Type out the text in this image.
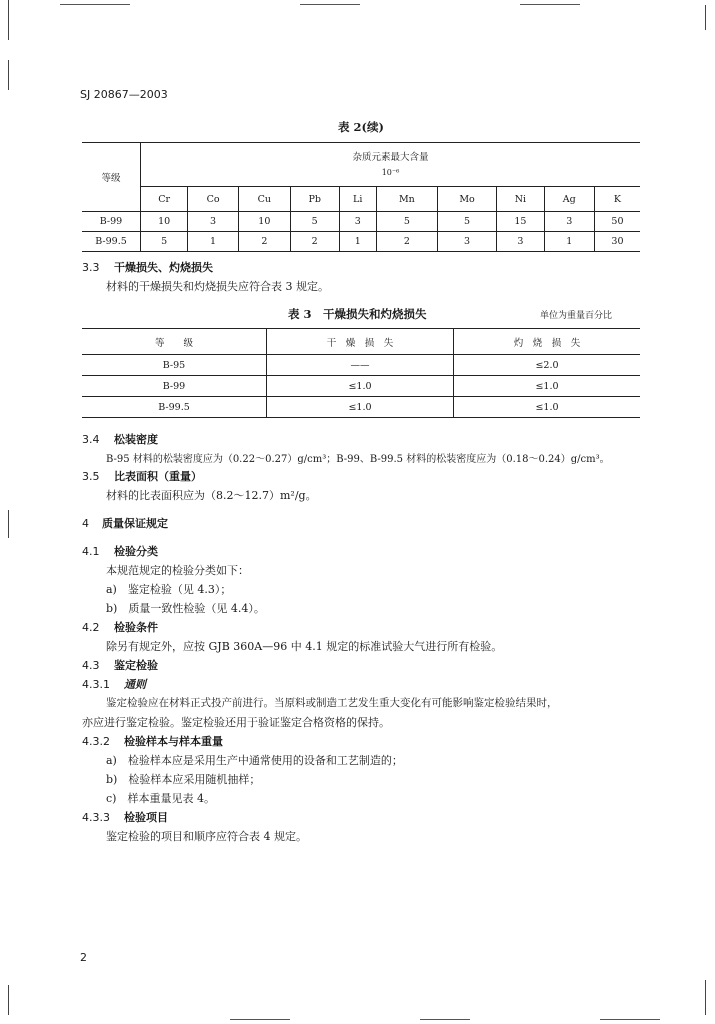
SJ 20867—2003
表 2(续)
等级	杂质元素最大含量
10⁻⁶									

	Cr	Co	Cu	Pb	Li	Mn	Mo	Ni	Ag	K
B-99	10	3	10	5	3	5	5	15	3	50
B-99.5	5	1	2	2	1	2	3	3	1	30
3.3 干燥损失、灼烧损失
材料的干燥损失和灼烧损失应符合表 3 规定。
表 3　干燥损失和灼烧损失	单位为重量百分比
等　　级	干　燥　损　失	灼　烧　损　失
B-95	——	≤2.0
B-99	≤1.0	≤1.0
B-99.5	≤1.0	≤1.0
3.4 松装密度
B-95 材料的松装密度应为（0.22～0.27）g/cm³；B-99、B-99.5 材料的松装密度应为（0.18～0.24）g/cm³。
3.5 比表面积（重量）
材料的比表面积应为（8.2～12.7）m²/g。
4 质量保证规定
4.1 检验分类
本规范规定的检验分类如下：
a)　鉴定检验（见 4.3）；
b)　质量一致性检验（见 4.4）。
4.2 检验条件
除另有规定外，应按 GJB 360A—96 中 4.1 规定的标准试验大气进行所有检验。
4.3 鉴定检验
4.3.1 通则
鉴定检验应在材料正式投产前进行。当原料或制造工艺发生重大变化有可能影响鉴定检验结果时，
亦应进行鉴定检验。鉴定检验还用于验证鉴定合格资格的保持。
4.3.2 检验样本与样本重量
a)　检验样本应是采用生产中通常使用的设备和工艺制造的；
b)　检验样本应采用随机抽样；
c)　样本重量见表 4。
4.3.3 检验项目
鉴定检验的项目和顺序应符合表 4 规定。
2
